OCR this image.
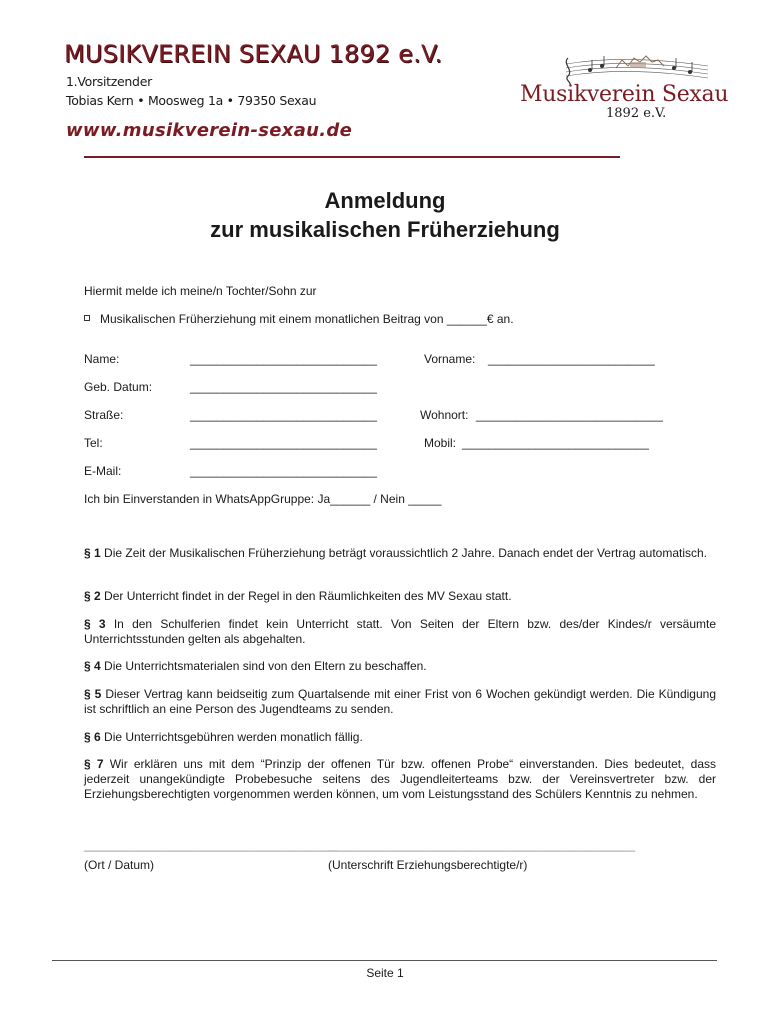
MUSIKVEREIN SEXAU 1892 e.V.
1.Vorsitzender
Tobias Kern • Moosweg 1a • 79350 Sexau
www.musikverein-sexau.de
Musikverein Sexau
1892 e.V.
Anmeldung
zur musikalischen Früherziehung
Hiermit melde ich meine/n Tochter/Sohn zur
Musikalischen Früherziehung mit einem monatlichen Beitrag von ______€ an.
Name:	____________________________	Vorname: _________________________
Geb. Datum:	____________________________
Straße:	____________________________	Wohnort: ____________________________
Tel:	____________________________	Mobil: ____________________________
E-Mail:	____________________________
Ich bin Einverstanden in WhatsAppGruppe: Ja______ / Nein _____
§ 1 Die Zeit der Musikalischen Früherziehung beträgt voraussichtlich 2 Jahre. Danach endet der Vertrag automatisch.
§ 2 Der Unterricht findet in der Regel in den Räumlichkeiten des MV Sexau statt.
§ 3 In den Schulferien findet kein Unterricht statt. Von Seiten der Eltern bzw. des/der Kindes/r versäumte Unterrichtsstunden gelten als abgehalten.
§ 4 Die Unterrichtsmaterialen sind von den Eltern zu beschaffen.
§ 5 Dieser Vertrag kann beidseitig zum Quartalsende mit einer Frist von 6 Wochen gekündigt werden. Die Kündigung ist schriftlich an eine Person des Jugendteams zu senden.
§ 6 Die Unterrichtsgebühren werden monatlich fällig.
§ 7 Wir erklären uns mit dem “Prinzip der offenen Tür bzw. offenen Probe“ einverstanden. Dies bedeutet, dass jederzeit unangekündigte Probebesuche seitens des Jugendleiterteams bzw. der Vereinsvertreter bzw. der Erziehungsberechtigten vorgenommen werden können, um vom Leistungsstand des Schülers Kenntnis zu nehmen.
______________________________________
______________________________________________
(Ort / Datum)	(Unterschrift Erziehungsberechtigte/r)
Seite 1
